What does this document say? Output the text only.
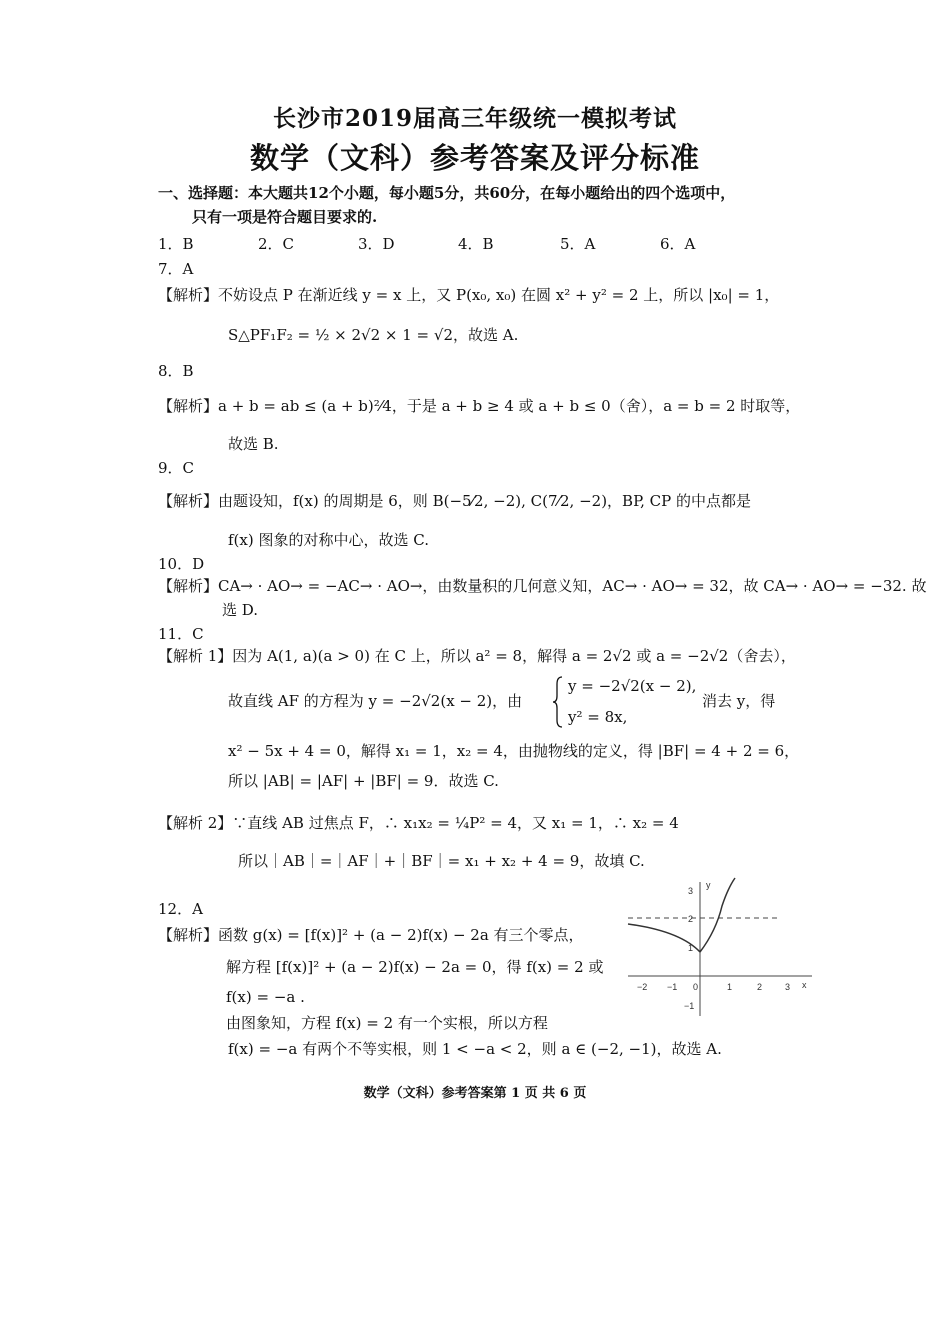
长沙市2019届高三年级统一模拟考试
数学（文科）参考答案及评分标准
一、选择题：本大题共12个小题，每小题5分，共60分，在每小题给出的四个选项中，
只有一项是符合题目要求的.
1．B	2．C	3．D	4．B	5．A	6．A
7．A
【解析】不妨设点 P 在渐近线 y = x 上，又 P(x₀, x₀) 在圆 x² + y² = 2 上，所以 |x₀| = 1，
S△PF₁F₂ = ½ × 2√2 × 1 = √2，故选 A.
8．B
【解析】a + b = ab ≤ (a + b)²⁄4，于是 a + b ≥ 4 或 a + b ≤ 0（舍），a = b = 2 时取等，
故选 B.
9．C
【解析】由题设知，f(x) 的周期是 6，则 B(−5⁄2, −2), C(7⁄2, −2)，BP, CP 的中点都是
f(x) 图象的对称中心，故选 C.
10．D
【解析】CA→ · AO→ = −AC→ · AO→，由数量积的几何意义知，AC→ · AO→ = 32，故 CA→ · AO→ = −32. 故
选 D.
11．C
【解析 1】因为 A(1, a)(a > 0) 在 C 上，所以 a² = 8，解得 a = 2√2 或 a = −2√2（舍去），
故直线 AF 的方程为 y = −2√2(x − 2)，由
y = −2√2(x − 2),
y² = 8x,
消去 y，得
x² − 5x + 4 = 0，解得 x₁ = 1，x₂ = 4，由抛物线的定义，得 |BF| = 4 + 2 = 6，
所以 |AB| = |AF| + |BF| = 9．故选 C.
【解析 2】∵直线 AB 过焦点 F，∴ x₁x₂ = ¼P² = 4，又 x₁ = 1，∴ x₂ = 4
所以｜AB｜=｜AF｜+｜BF｜= x₁ + x₂ + 4 = 9，故填 C.
12．A
【解析】函数 g(x) = [f(x)]² + (a − 2)f(x) − 2a 有三个零点，
解方程 [f(x)]² + (a − 2)f(x) − 2a = 0，得 f(x) = 2 或
f(x) = −a .
由图象知，方程 f(x) = 2 有一个实根，所以方程
f(x) = −a 有两个不等实根，则 1 < −a < 2，则 a ∈ (−2, −1)，故选 A.
y
x
−2 −1 0	1	2	3
3
2
1
−1
数学（文科）参考答案第 1 页 共 6 页
